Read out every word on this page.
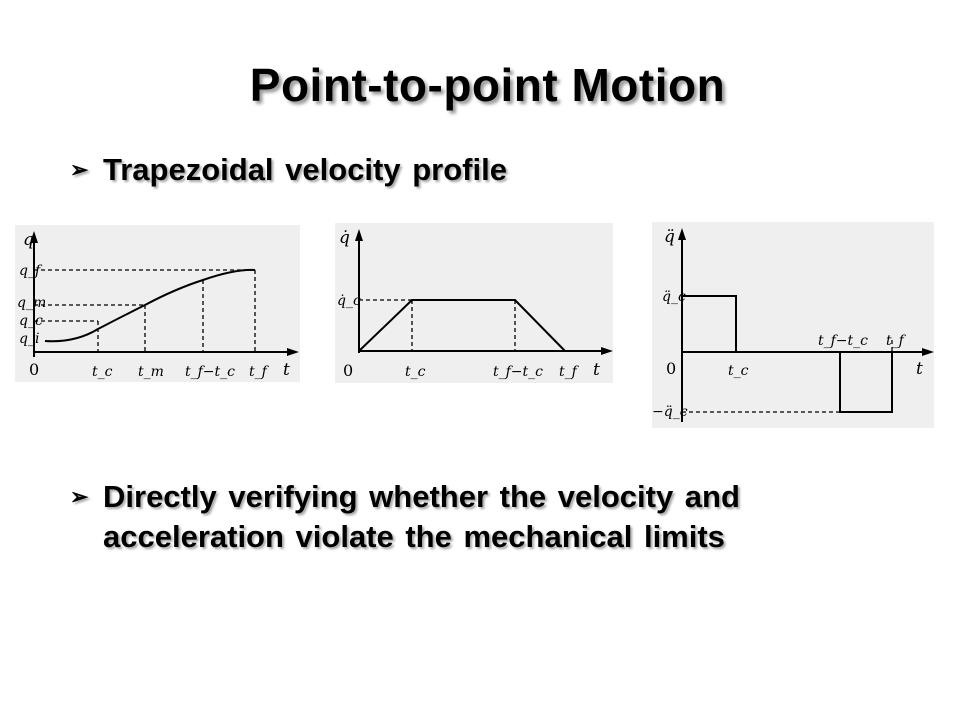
Point-to-point Motion
➢ Trapezoidal velocity profile
q
q_f
q_m
q_c
q_i
0	t_c t_m t_f−t_c t_f t
q̇
q̇_c
0	t_c	t_f−t_c t_f t
q̈
q̈_c
−q̈_c
0	t_c
t_f−t_c t_f
t
➢ Directly verifying whether the velocity and acceleration violate the mechanical limits
